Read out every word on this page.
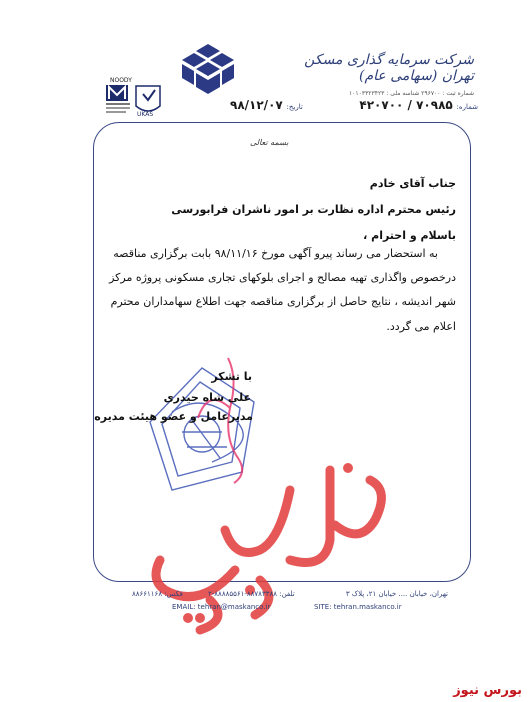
NOODY
UKAS
شرکت سرمایه گذاری مسکن تهران (سهامی عام)
شماره ثبت : ۲۹۶۷۰۰ شناسه ملی : ۱۰۱۰۳۳۲۳۴۲۳
شماره: ۷۰۹۸۵ / ۴۲۰۷۰۰
تاریخ: ۹۸/۱۲/۰۷
بسمه تعالی
جناب آقای خادم
رئیس محترم اداره نظارت بر امور ناشران فرابورسی
باسلام و احترام ،
به استحضار می رساند پیرو آگهی مورخ ۹۸/۱۱/۱۶ بابت برگزاری مناقصه
درخصوص واگذاری تهیه مصالح و اجرای بلوکهای تجاری مسکونی پروژه مرکز
شهر اندیشه ، نتایج حاصل از برگزاری مناقصه جهت اطلاع سهامداران محترم
اعلام می گردد.
با تشکر
علی شاه حیدری
مدیرعامل و عضو هیئت مدیره
تهران، خیابان .... خیابان ۲۱، پلاک ۳
تلفن: ۸۸۷۸۳۳۸۸-۸۸۸۸۵۵۶۱-۲
فکس: ۸۸۶۶۱۱۶۸
EMAIL: tehran@maskanco.ir	SITE: tehran.maskanco.ir
بورس نیوز
